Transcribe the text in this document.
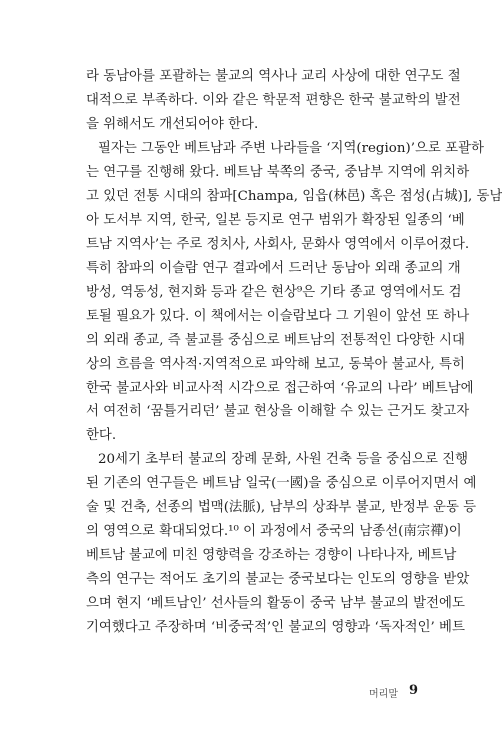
라 동남아를 포괄하는 불교의 역사나 교리 사상에 대한 연구도 절
대적으로 부족하다. 이와 같은 학문적 편향은 한국 불교학의 발전
을 위해서도 개선되어야 한다.
필자는 그동안 베트남과 주변 나라들을 ‘지역(region)’으로 포괄하
는 연구를 진행해 왔다. 베트남 북쪽의 중국, 중남부 지역에 위치하
고 있던 전통 시대의 참파[Champa, 임읍(林邑) 혹은 점성(占城)], 동남
아 도서부 지역, 한국, 일본 등지로 연구 범위가 확장된 일종의 ‘베
트남 지역사’는 주로 정치사, 사회사, 문화사 영역에서 이루어졌다.
특히 참파의 이슬람 연구 결과에서 드러난 동남아 외래 종교의 개
방성, 역동성, 현지화 등과 같은 현상⁹은 기타 종교 영역에서도 검
토될 필요가 있다. 이 책에서는 이슬람보다 그 기원이 앞선 또 하나
의 외래 종교, 즉 불교를 중심으로 베트남의 전통적인 다양한 시대
상의 흐름을 역사적·지역적으로 파악해 보고, 동북아 불교사, 특히
한국 불교사와 비교사적 시각으로 접근하여 ‘유교의 나라’ 베트남에
서 여전히 ‘꿈틀거리던’ 불교 현상을 이해할 수 있는 근거도 찾고자
한다.
20세기 초부터 불교의 장례 문화, 사원 건축 등을 중심으로 진행
된 기존의 연구들은 베트남 일국(一國)을 중심으로 이루어지면서 예
술 및 건축, 선종의 법맥(法脈), 남부의 상좌부 불교, 반정부 운동 등
의 영역으로 확대되었다.¹⁰ 이 과정에서 중국의 남종선(南宗禪)이
베트남 불교에 미친 영향력을 강조하는 경향이 나타나자, 베트남
측의 연구는 적어도 초기의 불교는 중국보다는 인도의 영향을 받았
으며 현지 ‘베트남인’ 선사들의 활동이 중국 남부 불교의 발전에도
기여했다고 주장하며 ‘비중국적’인 불교의 영향과 ‘독자적인’ 베트
머리말 9
